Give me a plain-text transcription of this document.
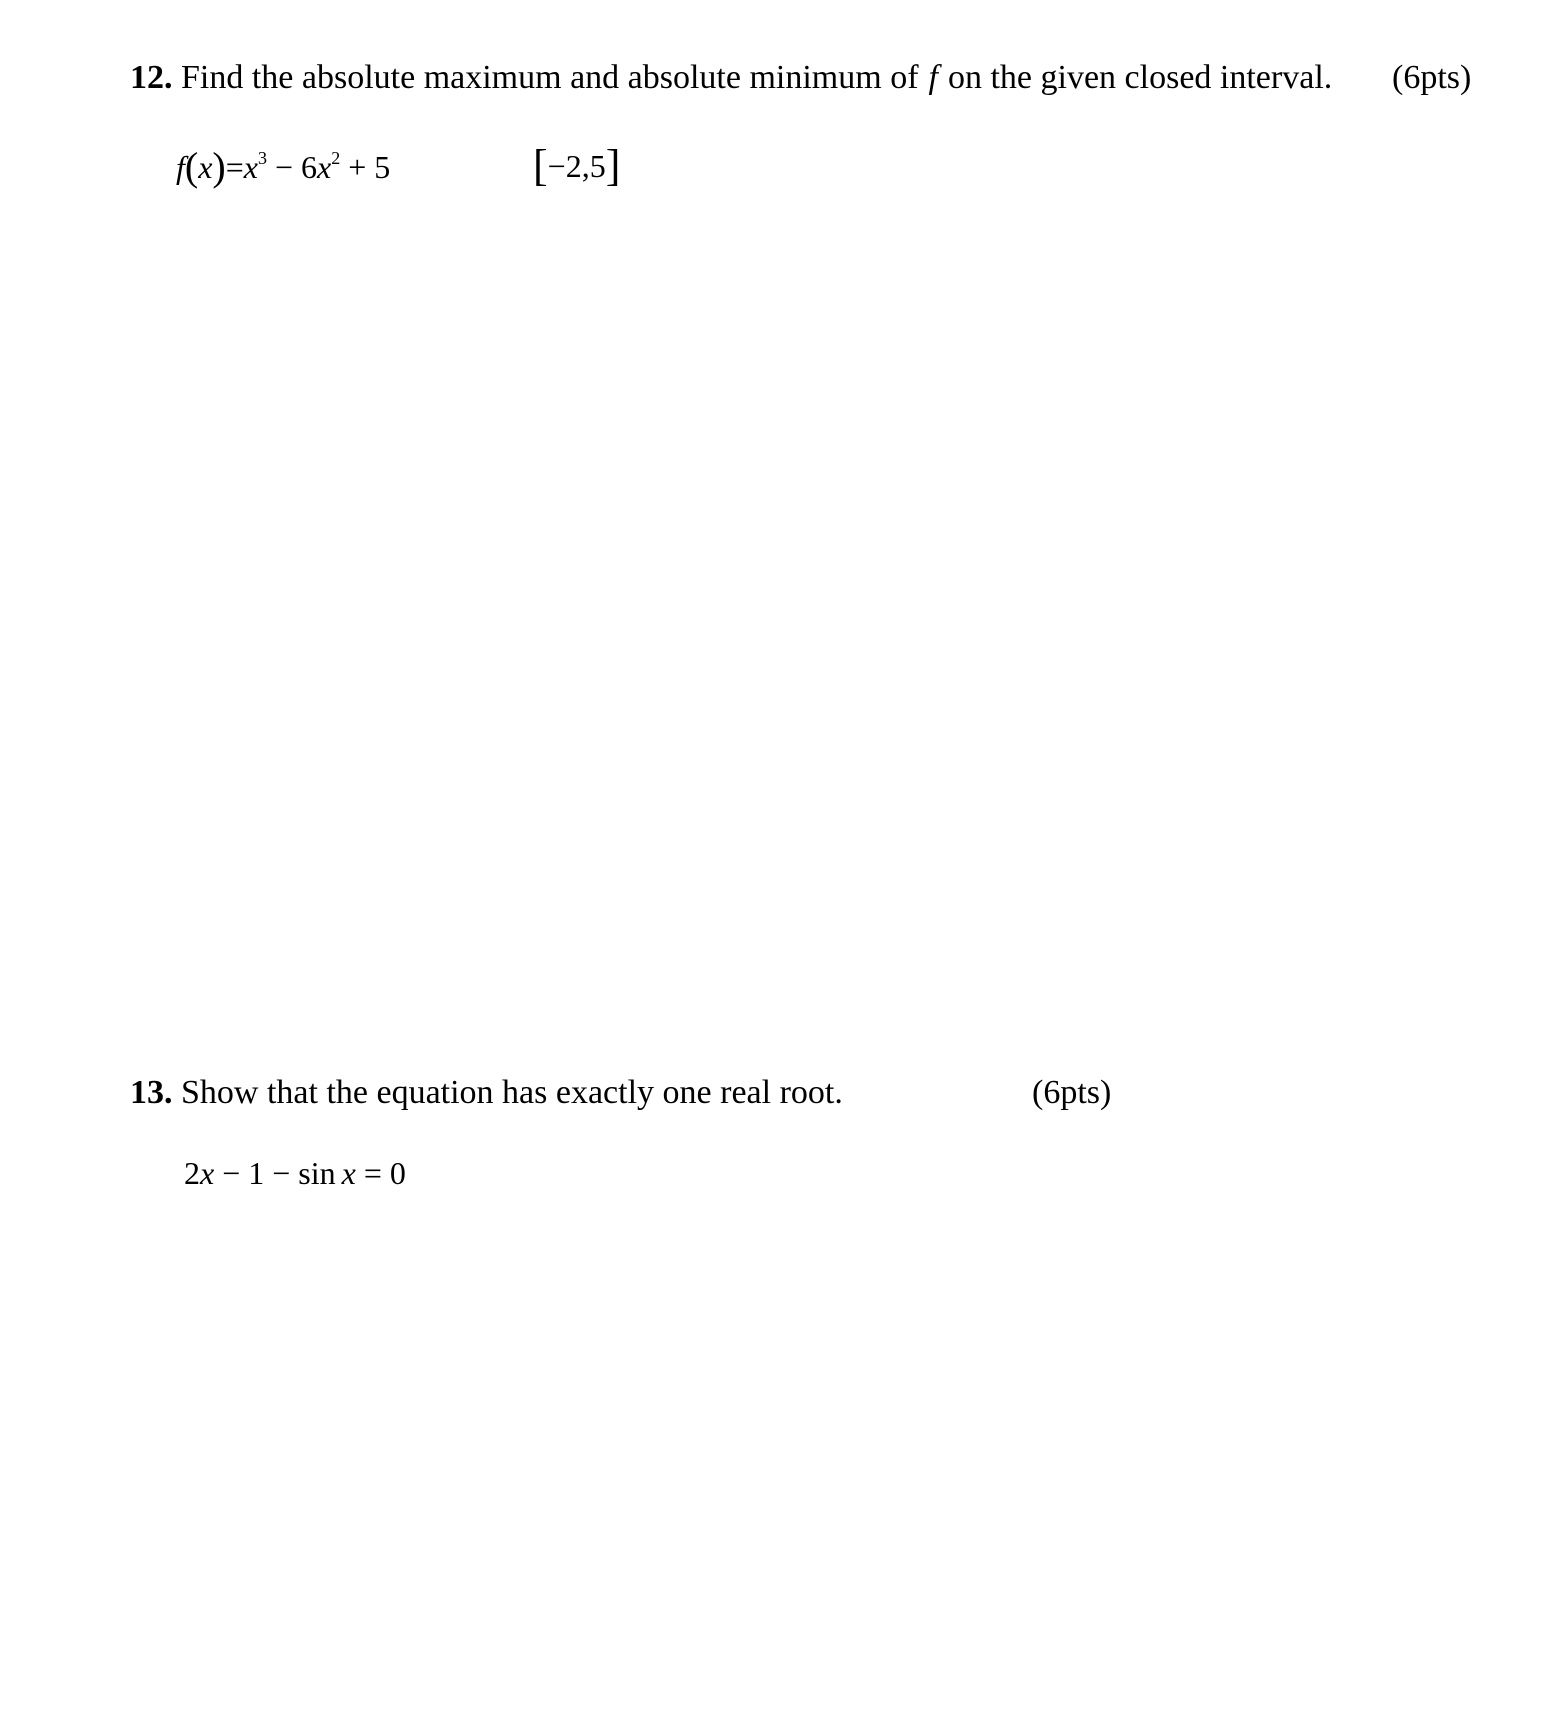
12. Find the absolute maximum and absolute minimum of f on the given closed interval. (6pts)
$f(x)=x^3 - 6x^2 + 5$	[−2,5]
13. Show that the equation has exactly one real root.	(6pts)
2x − 1 − sin x = 0
